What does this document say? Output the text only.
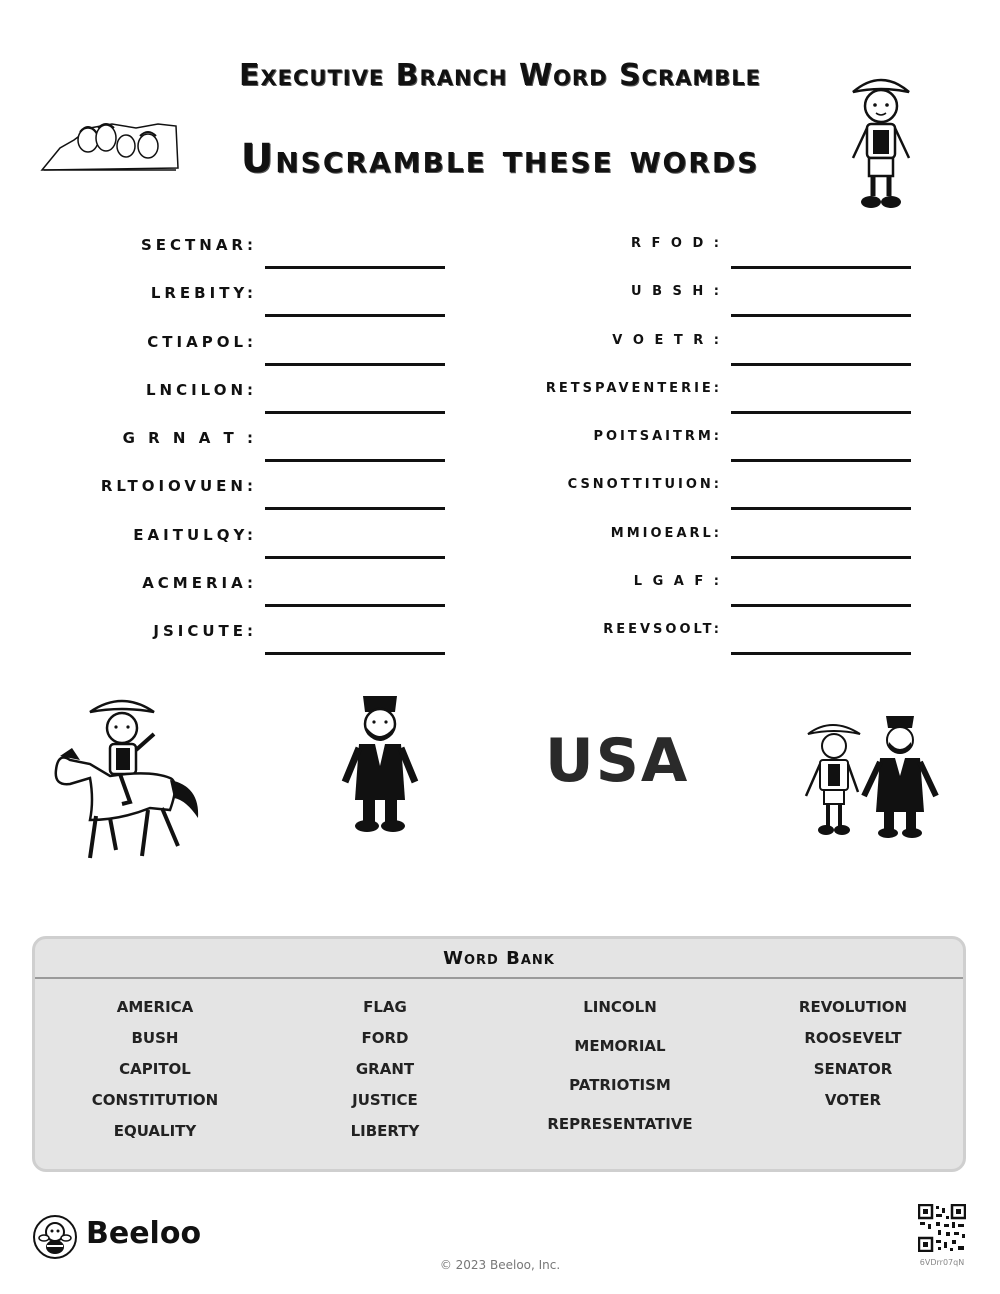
Executive Branch Word Scramble
Unscramble these words
SECTNAR:
LREBITY:
CTIAPOL:
LNCILON:
G R N A T :
RLTOIOVUEN:
EAITULQY:
ACMERIA:
JSICUTE:
R F O D :
U B S H :
V O E T R :
RETSPAVENTERIE:
POITSAITRM:
CSNOTTITUION:
MMIOEARL:
L G A F :
REEVSOOLT:
USA
Word Bank
AMERICA
BUSH
CAPITOL
CONSTITUTION
EQUALITY
FLAG
FORD
GRANT
JUSTICE
LIBERTY
LINCOLN
MEMORIAL
PATRIOTISM
REPRESENTATIVE
REVOLUTION
ROOSEVELT
SENATOR
VOTER
Beeloo
© 2023 Beeloo, Inc.	6VDrr07qN
